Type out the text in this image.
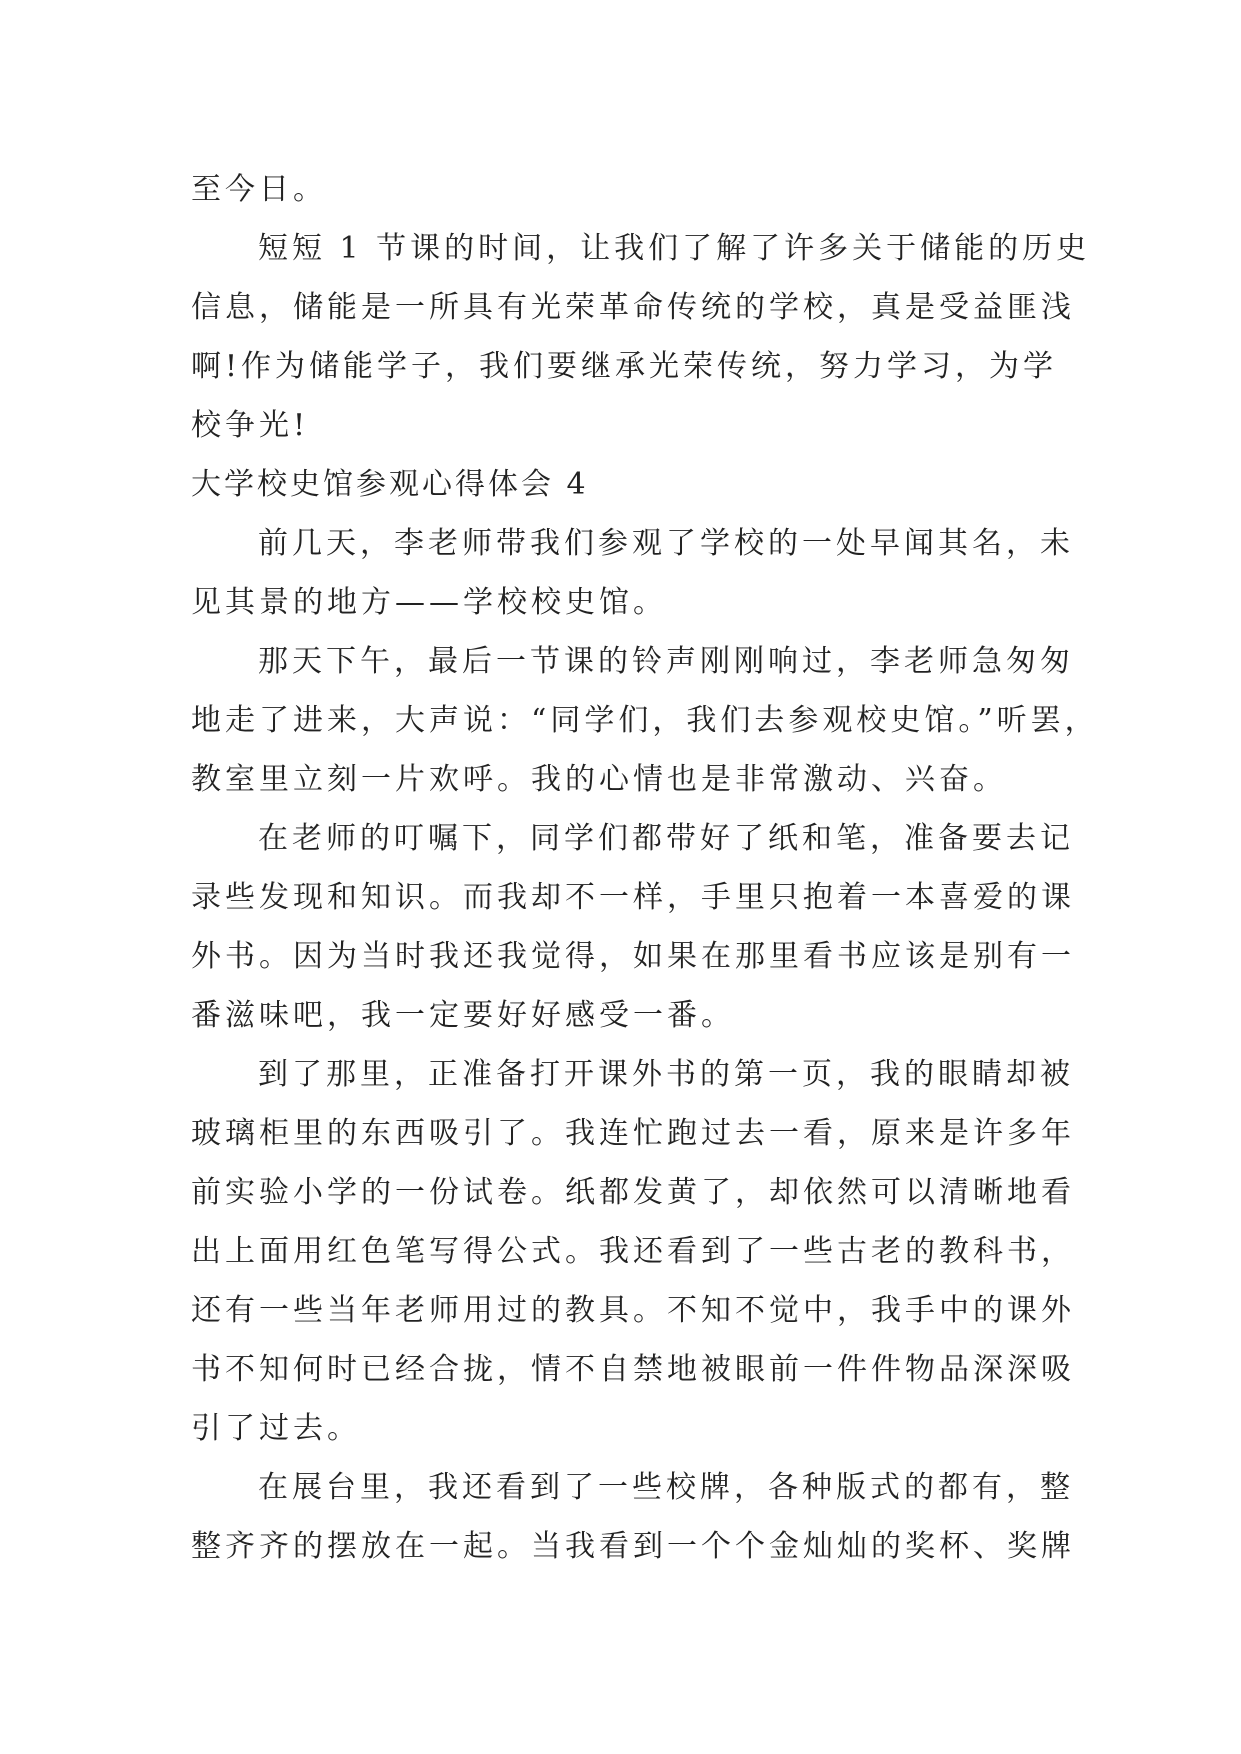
至今日。
短短 1 节课的时间，让我们了解了许多关于储能的历史
信息，储能是一所具有光荣革命传统的学校，真是受益匪浅
啊!作为储能学子，我们要继承光荣传统，努力学习，为学
校争光!
大学校史馆参观心得体会 4
前几天，李老师带我们参观了学校的一处早闻其名，未
见其景的地方——学校校史馆。
那天下午，最后一节课的铃声刚刚响过，李老师急匆匆
地走了进来，大声说：“同学们，我们去参观校史馆。”听罢，
教室里立刻一片欢呼。我的心情也是非常激动、兴奋。
在老师的叮嘱下，同学们都带好了纸和笔，准备要去记
录些发现和知识。而我却不一样，手里只抱着一本喜爱的课
外书。因为当时我还我觉得，如果在那里看书应该是别有一
番滋味吧，我一定要好好感受一番。
到了那里，正准备打开课外书的第一页，我的眼睛却被
玻璃柜里的东西吸引了。我连忙跑过去一看，原来是许多年
前实验小学的一份试卷。纸都发黄了，却依然可以清晰地看
出上面用红色笔写得公式。我还看到了一些古老的教科书，
还有一些当年老师用过的教具。不知不觉中，我手中的课外
书不知何时已经合拢，情不自禁地被眼前一件件物品深深吸
引了过去。
在展台里，我还看到了一些校牌，各种版式的都有，整
整齐齐的摆放在一起。当我看到一个个金灿灿的奖杯、奖牌
